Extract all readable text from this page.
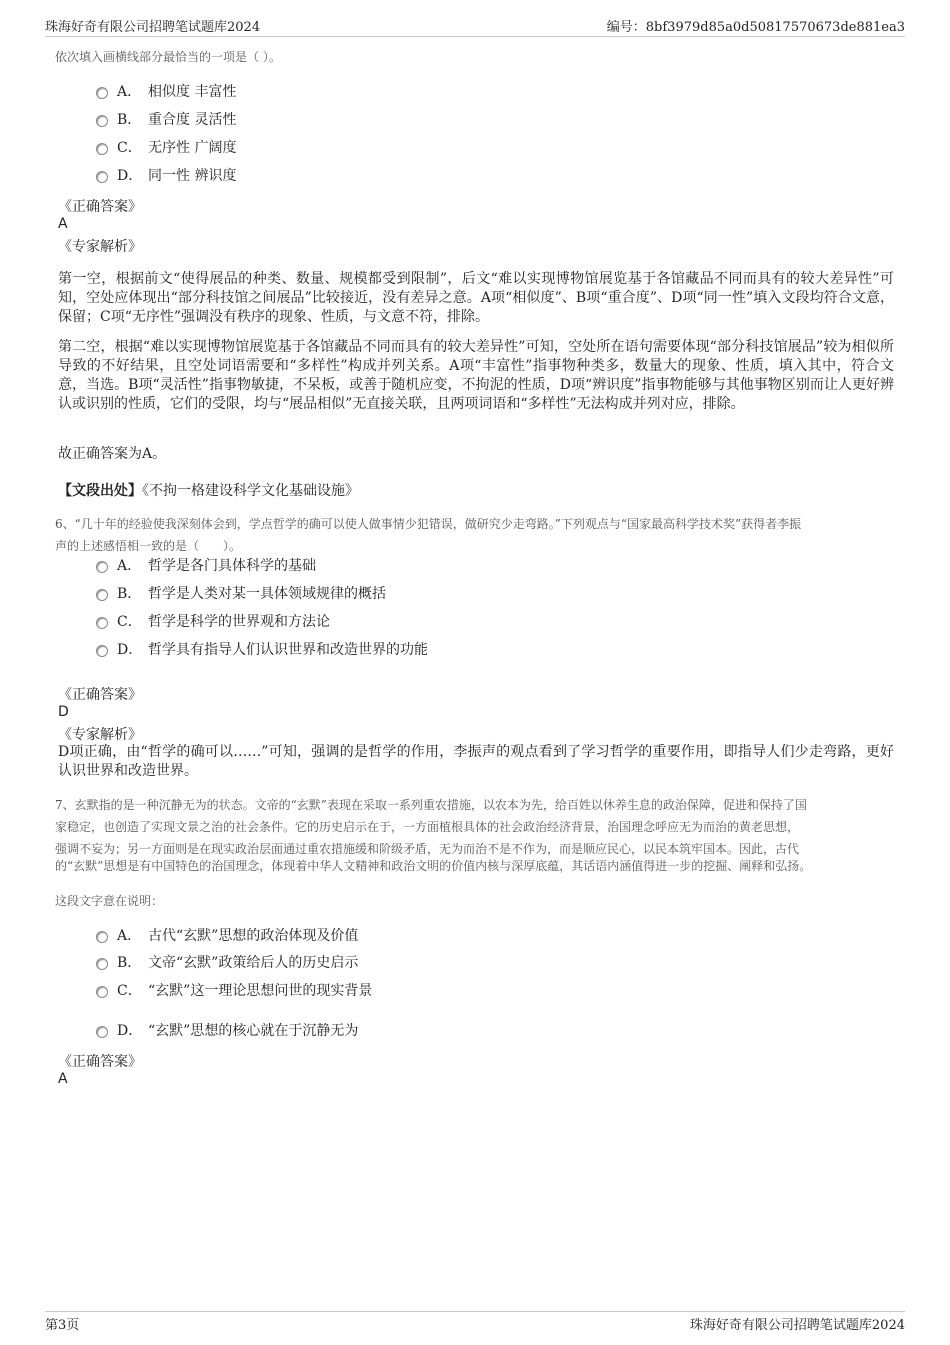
珠海好奇有限公司招聘笔试题库2024	编号：8bf3979d85a0d50817570673de881ea3
依次填入画横线部分最恰当的一项是（ ）。
A． 相似度 丰富性
B． 重合度 灵活性
C． 无序性 广阔度
D． 同一性 辨识度
《正确答案》
A
《专家解析》
第一空，根据前文“使得展品的种类、数量、规模都受到限制”，后文“难以实现博物馆展览基于各馆藏品不同而具有的较大差异性”可知，空处应体现出“部分科技馆之间展品”比较接近，没有差异之意。A项“相似度”、B项“重合度”、D项“同一性”填入文段均符合文意，保留；C项“无序性”强调没有秩序的现象、性质，与文意不符，排除。
第二空，根据“难以实现博物馆展览基于各馆藏品不同而具有的较大差异性”可知，空处所在语句需要体现“部分科技馆展品”较为相似所导致的不好结果，且空处词语需要和“多样性”构成并列关系。A项“丰富性”指事物种类多，数量大的现象、性质，填入其中，符合文意，当选。B项“灵活性”指事物敏捷，不呆板，或善于随机应变，不拘泥的性质，D项“辨识度”指事物能够与其他事物区别而让人更好辨认或识别的性质，它们的受限，均与“展品相似”无直接关联，且两项词语和“多样性”无法构成并列对应，排除。
故正确答案为A。
【文段出处】《不拘一格建设科学文化基础设施》
6、“几十年的经验使我深刻体会到，学点哲学的确可以使人做事情少犯错误，做研究少走弯路。”下列观点与“国家最高科学技术奖”获得者李振
声的上述感悟相一致的是（　　）。
A． 哲学是各门具体科学的基础
B． 哲学是人类对某一具体领域规律的概括
C． 哲学是科学的世界观和方法论
D． 哲学具有指导人们认识世界和改造世界的功能
《正确答案》
D
《专家解析》
D项正确，由“哲学的确可以……”可知，强调的是哲学的作用，李振声的观点看到了学习哲学的重要作用，即指导人们少走弯路，更好认识世界和改造世界。
7、玄默指的是一种沉静无为的状态。文帝的“玄默”表现在采取一系列重农措施，以农本为先，给百姓以休养生息的政治保障，促进和保持了国
家稳定，也创造了实现文景之治的社会条件。它的历史启示在于，一方面植根具体的社会政治经济背景，治国理念呼应无为而治的黄老思想，
强调不妄为；另一方面则是在现实政治层面通过重农措施缓和阶级矛盾，无为而治不是不作为，而是顺应民心，以民本筑牢国本。因此，古代
的“玄默”思想是有中国特色的治国理念，体现着中华人文精神和政治文明的价值内核与深厚底蕴，其话语内涵值得进一步的挖掘、阐释和弘扬。
这段文字意在说明：
A． 古代“玄默”思想的政治体现及价值
B． 文帝“玄默”政策给后人的历史启示
C． “玄默”这一理论思想问世的现实背景
D． “玄默”思想的核心就在于沉静无为
《正确答案》
A
第3页	珠海好奇有限公司招聘笔试题库2024
